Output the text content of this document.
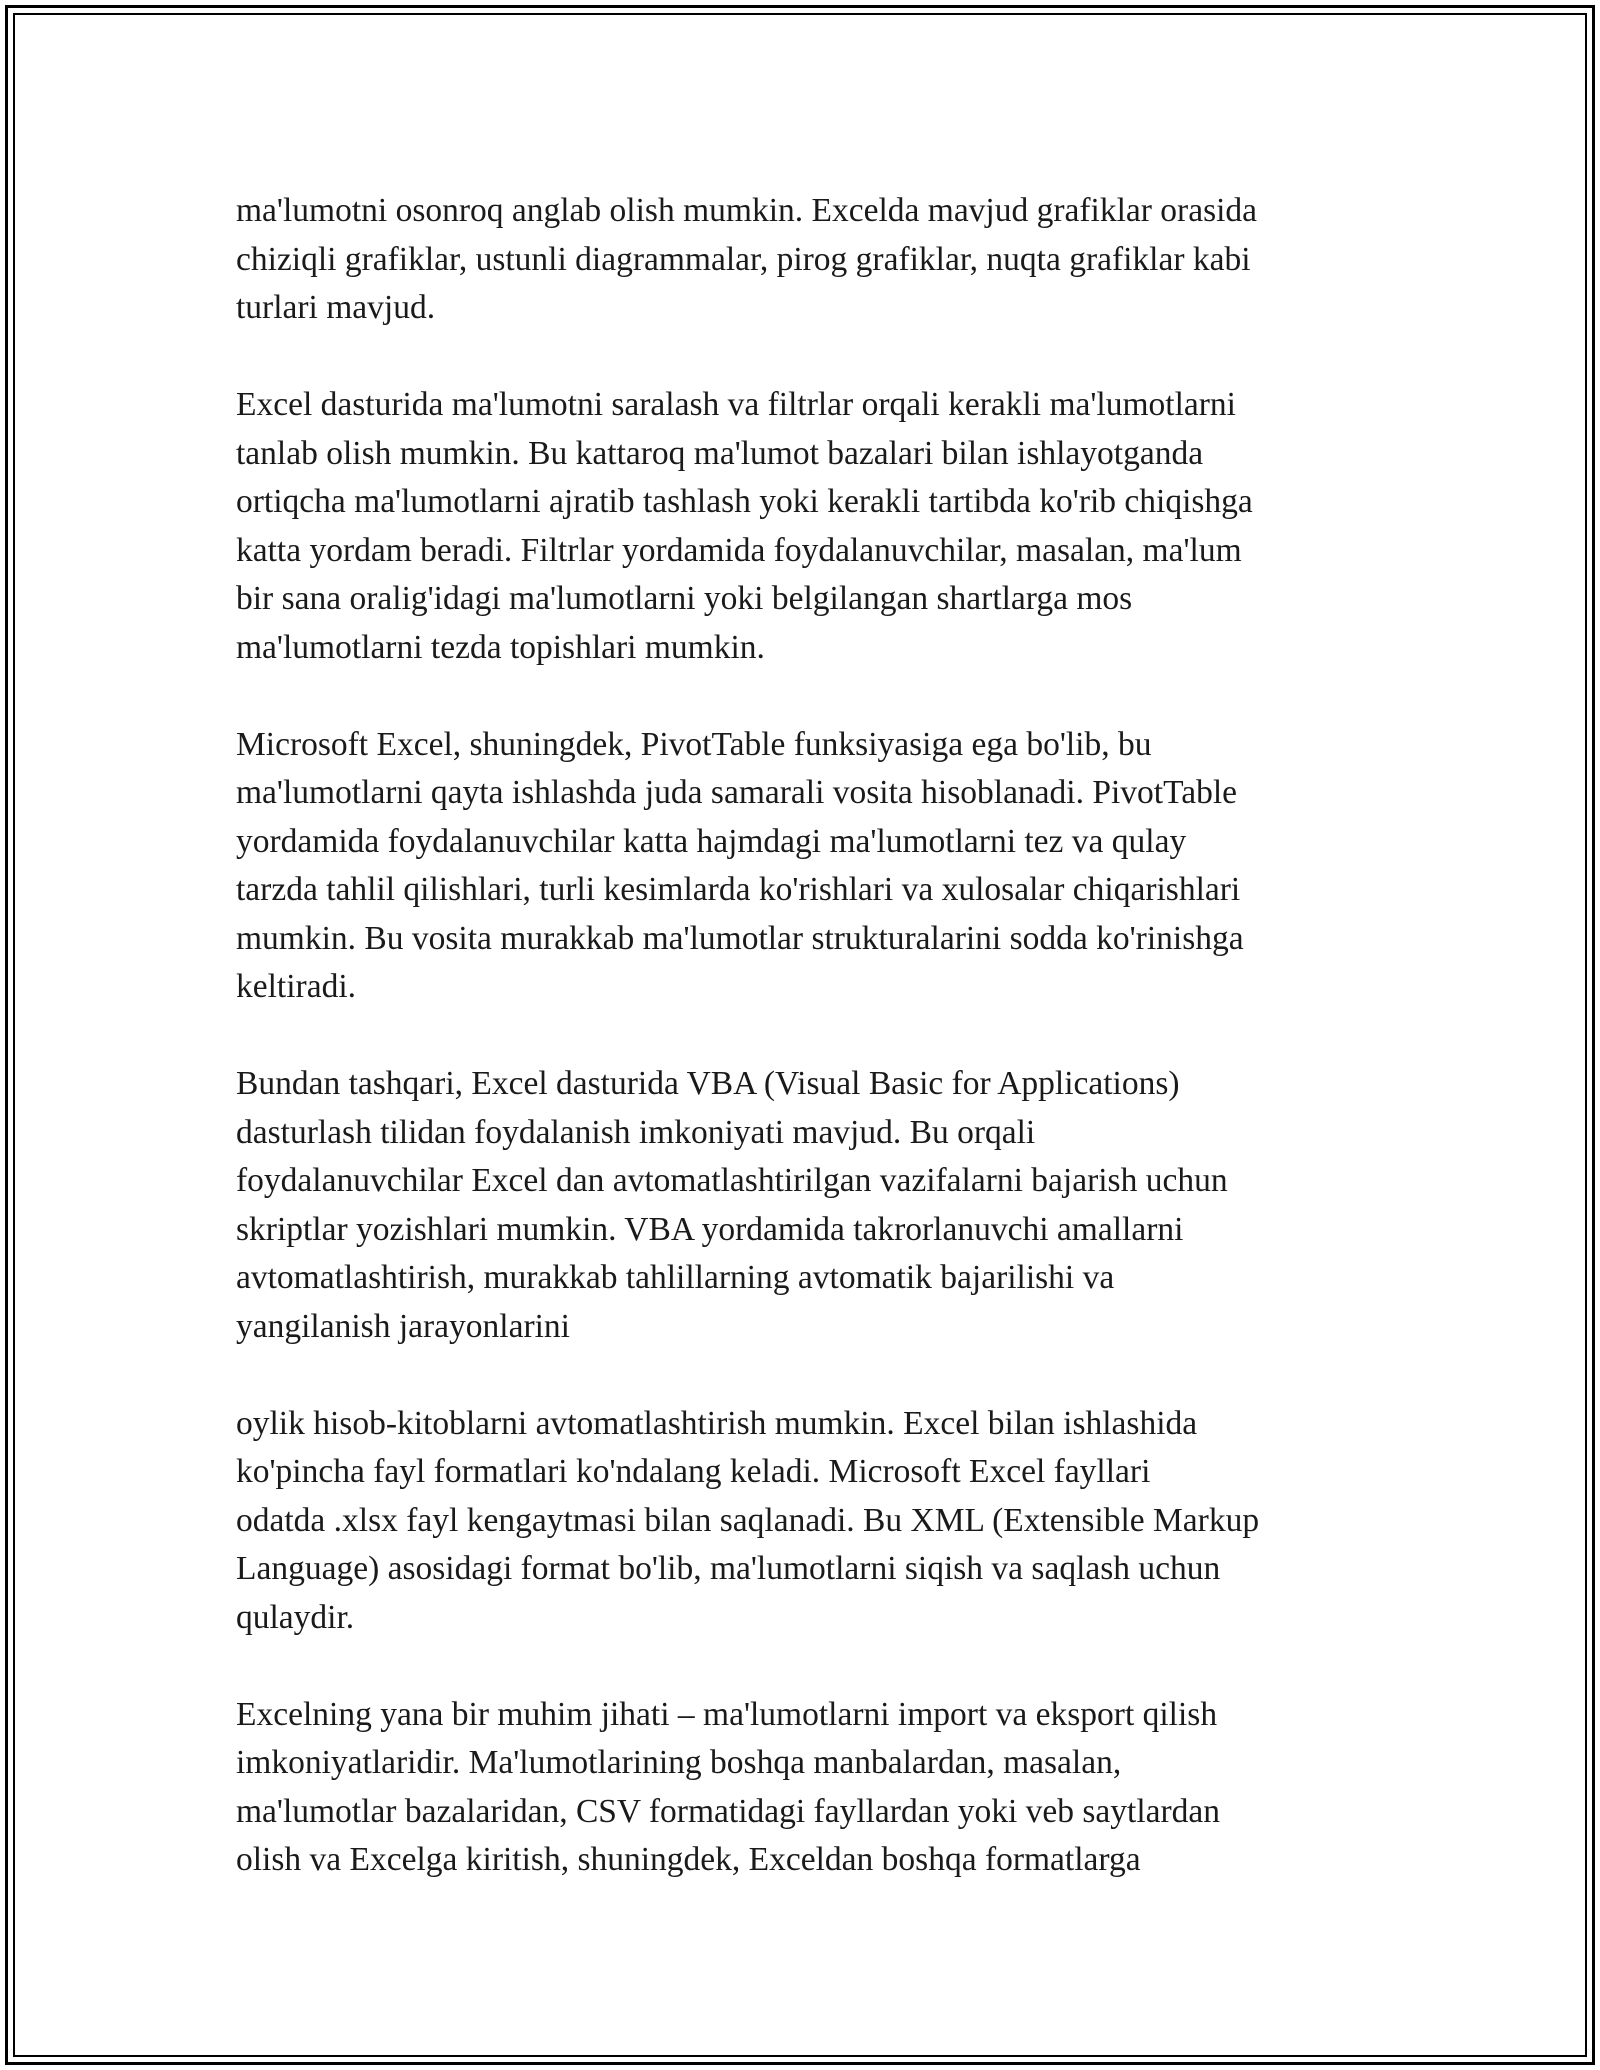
ma'lumotni osonroq anglab olish mumkin. Excelda mavjud grafiklar orasida
chiziqli grafiklar, ustunli diagrammalar, pirog grafiklar, nuqta grafiklar kabi
turlari mavjud.

Excel dasturida ma'lumotni saralash va filtrlar orqali kerakli ma'lumotlarni
tanlab olish mumkin. Bu kattaroq ma'lumot bazalari bilan ishlayotganda
ortiqcha ma'lumotlarni ajratib tashlash yoki kerakli tartibda ko'rib chiqishga
katta yordam beradi. Filtrlar yordamida foydalanuvchilar, masalan, ma'lum
bir sana oralig'idagi ma'lumotlarni yoki belgilangan shartlarga mos
ma'lumotlarni tezda topishlari mumkin.

Microsoft Excel, shuningdek, PivotTable funksiyasiga ega bo'lib, bu
ma'lumotlarni qayta ishlashda juda samarali vosita hisoblanadi. PivotTable
yordamida foydalanuvchilar katta hajmdagi ma'lumotlarni tez va qulay
tarzda tahlil qilishlari, turli kesimlarda ko'rishlari va xulosalar chiqarishlari
mumkin. Bu vosita murakkab ma'lumotlar strukturalarini sodda ko'rinishga
keltiradi.

Bundan tashqari, Excel dasturida VBA (Visual Basic for Applications)
dasturlash tilidan foydalanish imkoniyati mavjud. Bu orqali
foydalanuvchilar Excel dan avtomatlashtirilgan vazifalarni bajarish uchun
skriptlar yozishlari mumkin. VBA yordamida takrorlanuvchi amallarni
avtomatlashtirish, murakkab tahlillarning avtomatik bajarilishi va
yangilanish jarayonlarini

oylik hisob-kitoblarni avtomatlashtirish mumkin. Excel bilan ishlashida
ko'pincha fayl formatlari ko'ndalang keladi. Microsoft Excel fayllari
odatda .xlsx fayl kengaytmasi bilan saqlanadi. Bu XML (Extensible Markup
Language) asosidagi format bo'lib, ma'lumotlarni siqish va saqlash uchun
qulaydir.

Excelning yana bir muhim jihati – ma'lumotlarni import va eksport qilish
imkoniyatlaridir. Ma'lumotlarining boshqa manbalardan, masalan,
ma'lumotlar bazalaridan, CSV formatidagi fayllardan yoki veb saytlardan
olish va Excelga kiritish, shuningdek, Exceldan boshqa formatlarga
